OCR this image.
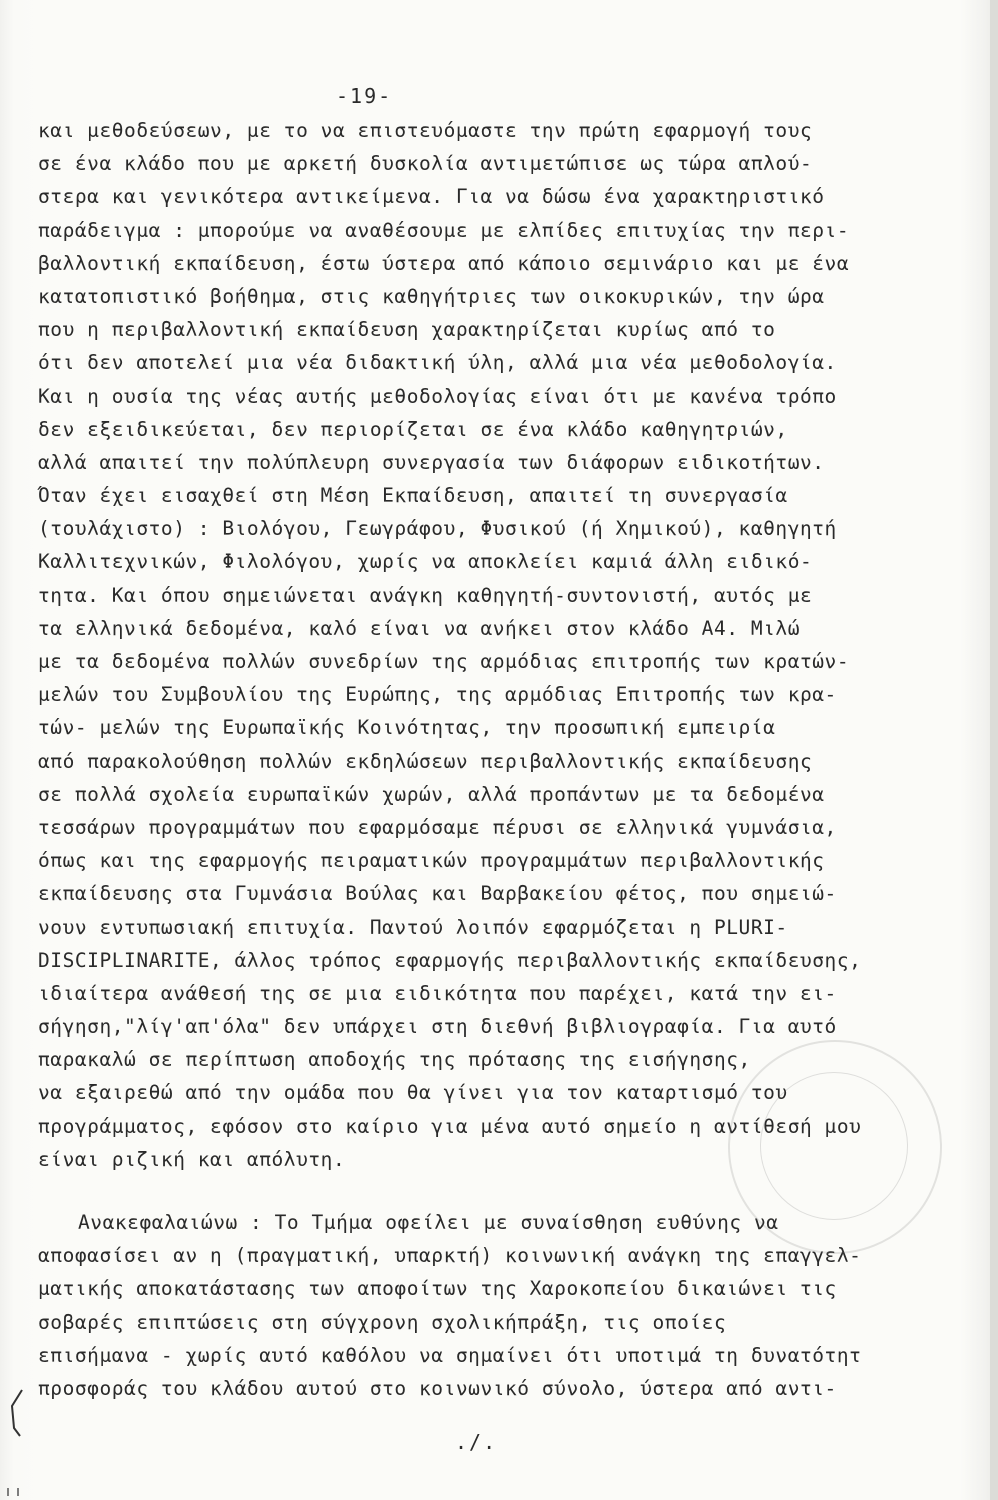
-19-
και μεθοδεύσεων, με το να επιστευόμαστε την πρώτη εφαρμογή τους
σε ένα κλάδο που με αρκετή δυσκολία αντιμετώπισε ως τώρα απλού-
στερα και γενικότερα αντικείμενα. Για να δώσω ένα χαρακτηριστικό
παράδειγμα : μπορούμε να αναθέσουμε με ελπίδες επιτυχίας την περι-
βαλλοντική εκπαίδευση, έστω ύστερα από κάποιο σεμινάριο και με ένα
κατατοπιστικό βοήθημα, στις καθηγήτριες των οικοκυρικών, την ώρα
που η περιβαλλοντική εκπαίδευση χαρακτηρίζεται κυρίως από το
ότι δεν αποτελεί μια νέα διδακτική ύλη, αλλά μια νέα μεθοδολογία.
Και η ουσία της νέας αυτής μεθοδολογίας είναι ότι με κανένα τρόπο
δεν εξειδικεύεται, δεν περιορίζεται σε ένα κλάδο καθηγητριών,
αλλά απαιτεί την πολύπλευρη συνεργασία των διάφορων ειδικοτήτων.
Όταν έχει εισαχθεί στη Μέση Εκπαίδευση, απαιτεί τη συνεργασία
(τουλάχιστο) : Βιολόγου, Γεωγράφου, Φυσικού (ή Χημικού), καθηγητή
Καλλιτεχνικών, Φιλολόγου, χωρίς να αποκλείει καμιά άλλη ειδικό-
τητα. Και όπου σημειώνεται ανάγκη καθηγητή-συντονιστή, αυτός με
τα ελληνικά δεδομένα, καλό είναι να ανήκει στον κλάδο Α4. Μιλώ
με τα δεδομένα πολλών συνεδρίων της αρμόδιας επιτροπής των κρατών-
μελών του Συμβουλίου της Ευρώπης, της αρμόδιας Επιτροπής των κρα-
τών- μελών της Ευρωπαϊκής Κοινότητας, την προσωπική εμπειρία
από παρακολούθηση πολλών εκδηλώσεων περιβαλλοντικής εκπαίδευσης
σε πολλά σχολεία ευρωπαϊκών χωρών, αλλά προπάντων με τα δεδομένα
τεσσάρων προγραμμάτων που εφαρμόσαμε πέρυσι σε ελληνικά γυμνάσια,
όπως και της εφαρμογής πειραματικών προγραμμάτων περιβαλλοντικής
εκπαίδευσης στα Γυμνάσια Βούλας και Βαρβακείου φέτος, που σημειώ-
νουν εντυπωσιακή επιτυχία. Παντού λοιπόν εφαρμόζεται η PLURI-
DISCIPLINARITE, άλλος τρόπος εφαρμογής περιβαλλοντικής εκπαίδευσης,
ιδιαίτερα ανάθεσή της σε μια ειδικότητα που παρέχει, κατά την ει-
σήγηση,"λίγ'απ'όλα" δεν υπάρχει στη διεθνή βιβλιογραφία. Για αυτό
παρακαλώ σε περίπτωση αποδοχής της πρότασης της εισήγησης,
να εξαιρεθώ από την ομάδα που θα γίνει για τον καταρτισμό του
προγράμματος, εφόσον στο καίριο για μένα αυτό σημείο η αντίθεσή μου
είναι ριζική και απόλυτη.
Ανακεφαλαιώνω : Το Τμήμα οφείλει με συναίσθηση ευθύνης να
αποφασίσει αν η (πραγματική, υπαρκτή) κοινωνική ανάγκη της επαγγελ-
ματικής αποκατάστασης των αποφοίτων της Χαροκοπείου δικαιώνει τις
σοβαρές επιπτώσεις στη σύγχρονη σχολικήπράξη, τις οποίες
επισήμανα - χωρίς αυτό καθόλου να σημαίνει ότι υποτιμά τη δυνατότητ
προσφοράς του κλάδου αυτού στο κοινωνικό σύνολο, ύστερα από αντι-
./.
